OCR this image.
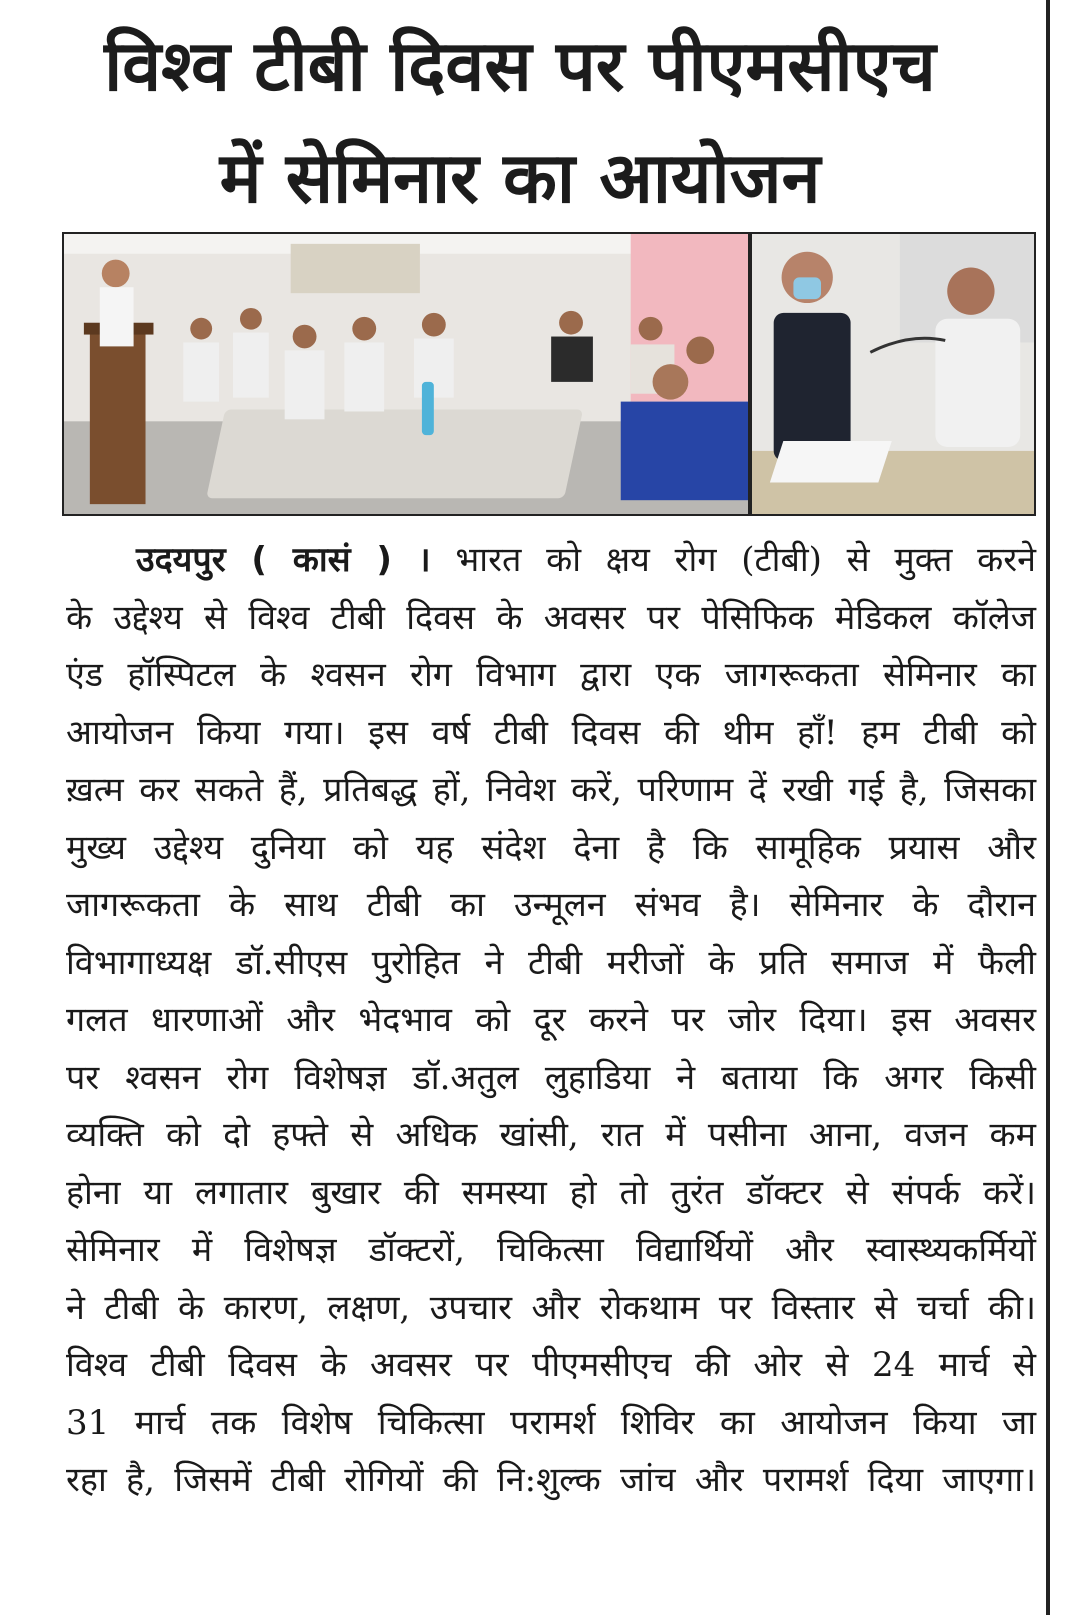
विश्व टीबी दिवस पर पीएमसीएच
में सेमिनार का आयोजन
उदयपुर ( कासं ) । भारत को क्षय रोग (टीबी) से मुक्त करने
के उद्देश्य से विश्व टीबी दिवस के अवसर पर पेसिफिक मेडिकल कॉलेज
एंड हॉस्पिटल के श्वसन रोग विभाग द्वारा एक जागरूकता सेमिनार का
आयोजन किया गया। इस वर्ष टीबी दिवस की थीम हाँ! हम टीबी को
ख़त्म कर सकते हैं, प्रतिबद्ध हों, निवेश करें, परिणाम दें रखी गई है, जिसका
मुख्य उद्देश्य दुनिया को यह संदेश देना है कि सामूहिक प्रयास और
जागरूकता के साथ टीबी का उन्मूलन संभव है। सेमिनार के दौरान
विभागाध्यक्ष डॉ.सीएस पुरोहित ने टीबी मरीजों के प्रति समाज में फैली
गलत धारणाओं और भेदभाव को दूर करने पर जोर दिया। इस अवसर
पर श्वसन रोग विशेषज्ञ डॉ.अतुल लुहाडिया ने बताया कि अगर किसी
व्यक्ति को दो हफ्ते से अधिक खांसी, रात में पसीना आना, वजन कम
होना या लगातार बुखार की समस्या हो तो तुरंत डॉक्टर से संपर्क करें।
सेमिनार में विशेषज्ञ डॉक्टरों, चिकित्सा विद्यार्थियों और स्वास्थ्यकर्मियों
ने टीबी के कारण, लक्षण, उपचार और रोकथाम पर विस्तार से चर्चा की।
विश्व टीबी दिवस के अवसर पर पीएमसीएच की ओर से 24 मार्च से
31 मार्च तक विशेष चिकित्सा परामर्श शिविर का आयोजन किया जा
रहा है, जिसमें टीबी रोगियों की नि:शुल्क जांच और परामर्श दिया जाएगा।
